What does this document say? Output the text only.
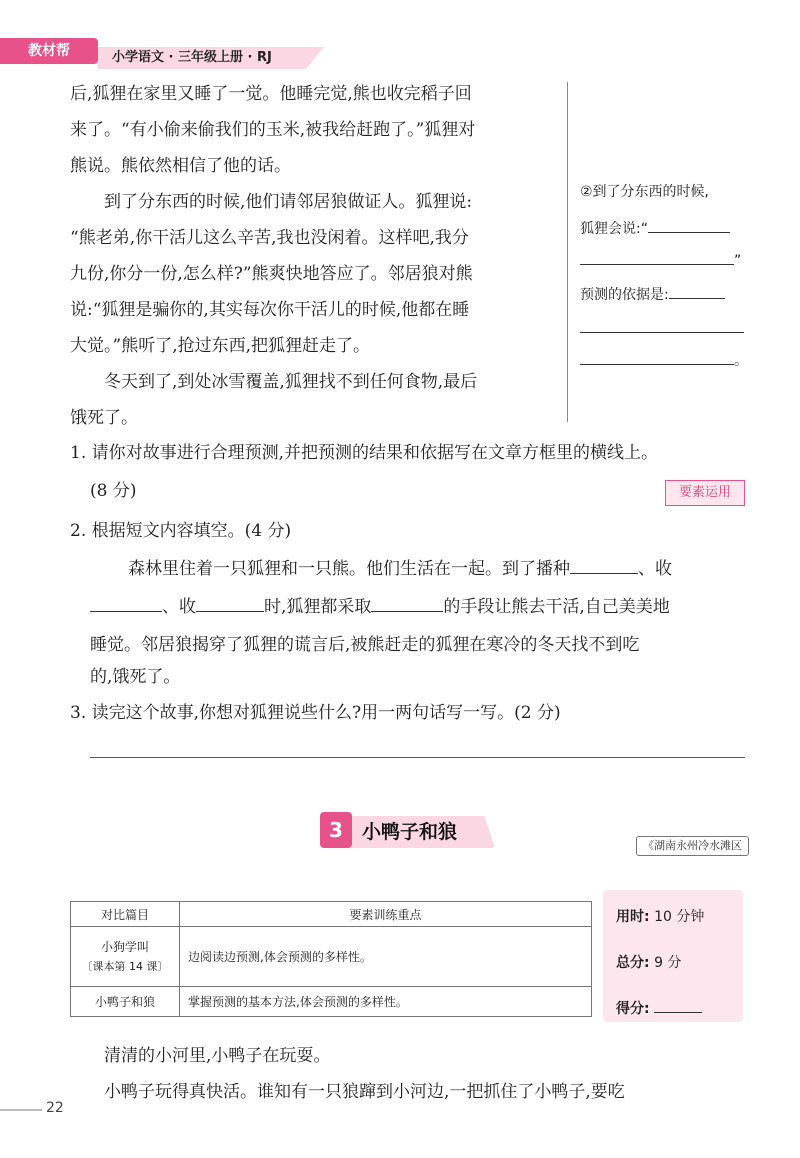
教材帮	小学语文 · 三年级上册 · RJ
后,狐狸在家里又睡了一觉。他睡完觉,熊也收完稻子回
来了。“有小偷来偷我们的玉米,被我给赶跑了。”狐狸对
熊说。熊依然相信了他的话。
到了分东西的时候,他们请邻居狼做证人。狐狸说:
“熊老弟,你干活儿这么辛苦,我也没闲着。这样吧,我分
九份,你分一份,怎么样?”熊爽快地答应了。邻居狼对熊
说:“狐狸是骗你的,其实每次你干活儿的时候,他都在睡
大觉。”熊听了,抢过东西,把狐狸赶走了。
冬天到了,到处冰雪覆盖,狐狸找不到任何食物,最后
饿死了。
②到了分东西的时候,
狐狸会说:“
”
预测的依据是:
。
1. 请你对故事进行合理预测,并把预测的结果和依据写在文章方框里的横线上。
(8 分)	要素运用
2. 根据短文内容填空。(4 分)
森林里住着一只狐狸和一只熊。他们生活在一起。到了播种	、收
、收	时,狐狸都采取	的手段让熊去干活,自己美美地
睡觉。邻居狼揭穿了狐狸的谎言后,被熊赶走的狐狸在寒冷的冬天找不到吃
的,饿死了。
3. 读完这个故事,你想对狐狸说些什么?用一两句话写一写。(2 分)
3	小鸭子和狼
《湖南永州冷水滩区
对比篇目	要素训练重点

小狗学叫
〔课本第 14 课〕	边阅读边预测,体会预测的多样性。
小鸭子和狼	掌握预测的基本方法,体会预测的多样性。
用时: 10 分钟
总分: 9 分
得分:
清清的小河里,小鸭子在玩耍。
小鸭子玩得真快活。谁知有一只狼蹿到小河边,一把抓住了小鸭子,要吃
22
